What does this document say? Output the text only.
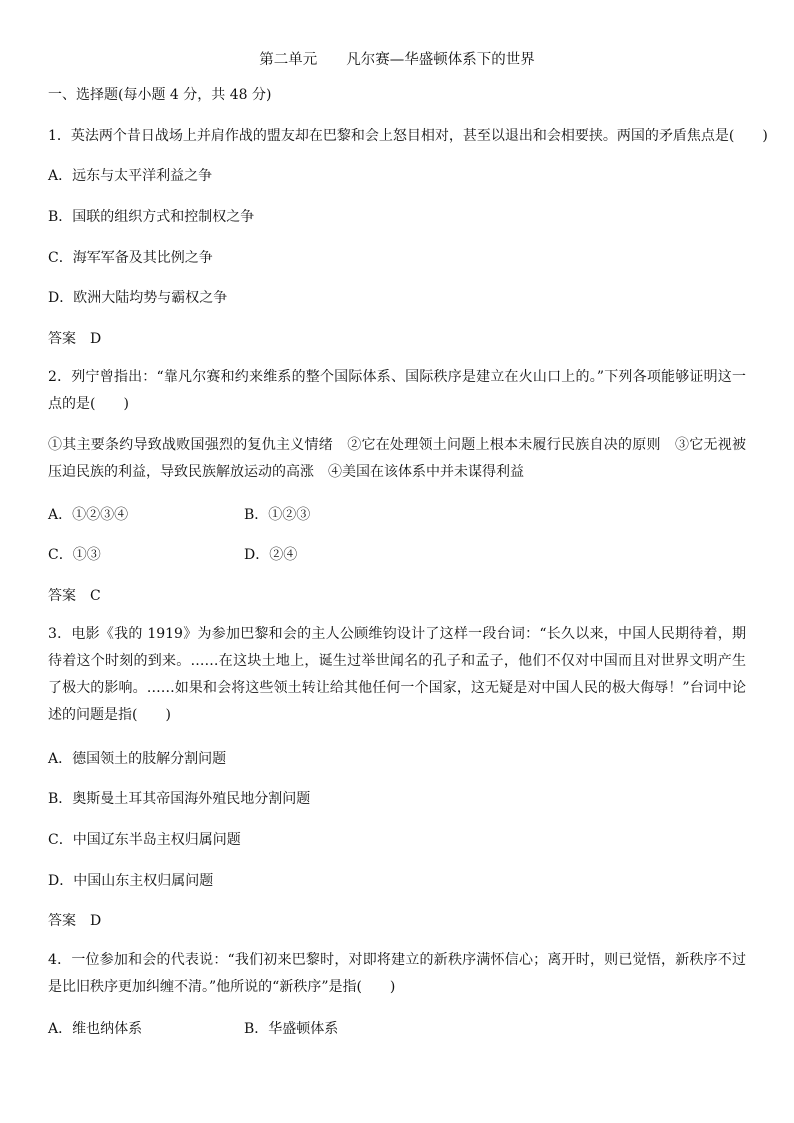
第二单元　　凡尔赛—华盛顿体系下的世界
一、选择题(每小题 4 分，共 48 分)
1．英法两个昔日战场上并肩作战的盟友却在巴黎和会上怒目相对，甚至以退出和会相要挟。两国的矛盾焦点是(　　)
A．远东与太平洋利益之争
B．国联的组织方式和控制权之争
C．海军军备及其比例之争
D．欧洲大陆均势与霸权之争
答案　D
2．列宁曾指出：“靠凡尔赛和约来维系的整个国际体系、国际秩序是建立在火山口上的。”下列各项能够证明这一点的是(　　)
①其主要条约导致战败国强烈的复仇主义情绪　②它在处理领土问题上根本未履行民族自决的原则　③它无视被压迫民族的利益，导致民族解放运动的高涨　④美国在该体系中并未谋得利益
A．①②③④	B．①②③
C．①③	D．②④
答案　C
3．电影《我的 1919》为参加巴黎和会的主人公顾维钧设计了这样一段台词：“长久以来，中国人民期待着，期待着这个时刻的到来。……在这块土地上，诞生过举世闻名的孔子和孟子，他们不仅对中国而且对世界文明产生了极大的影响。……如果和会将这些领土转让给其他任何一个国家，这无疑是对中国人民的极大侮辱！”台词中论述的问题是指(　　)
A．德国领土的肢解分割问题
B．奥斯曼土耳其帝国海外殖民地分割问题
C．中国辽东半岛主权归属问题
D．中国山东主权归属问题
答案　D
4．一位参加和会的代表说：“我们初来巴黎时，对即将建立的新秩序满怀信心；离开时，则已觉悟，新秩序不过是比旧秩序更加纠缠不清。”他所说的“新秩序”是指(　　)
A．维也纳体系	B．华盛顿体系
